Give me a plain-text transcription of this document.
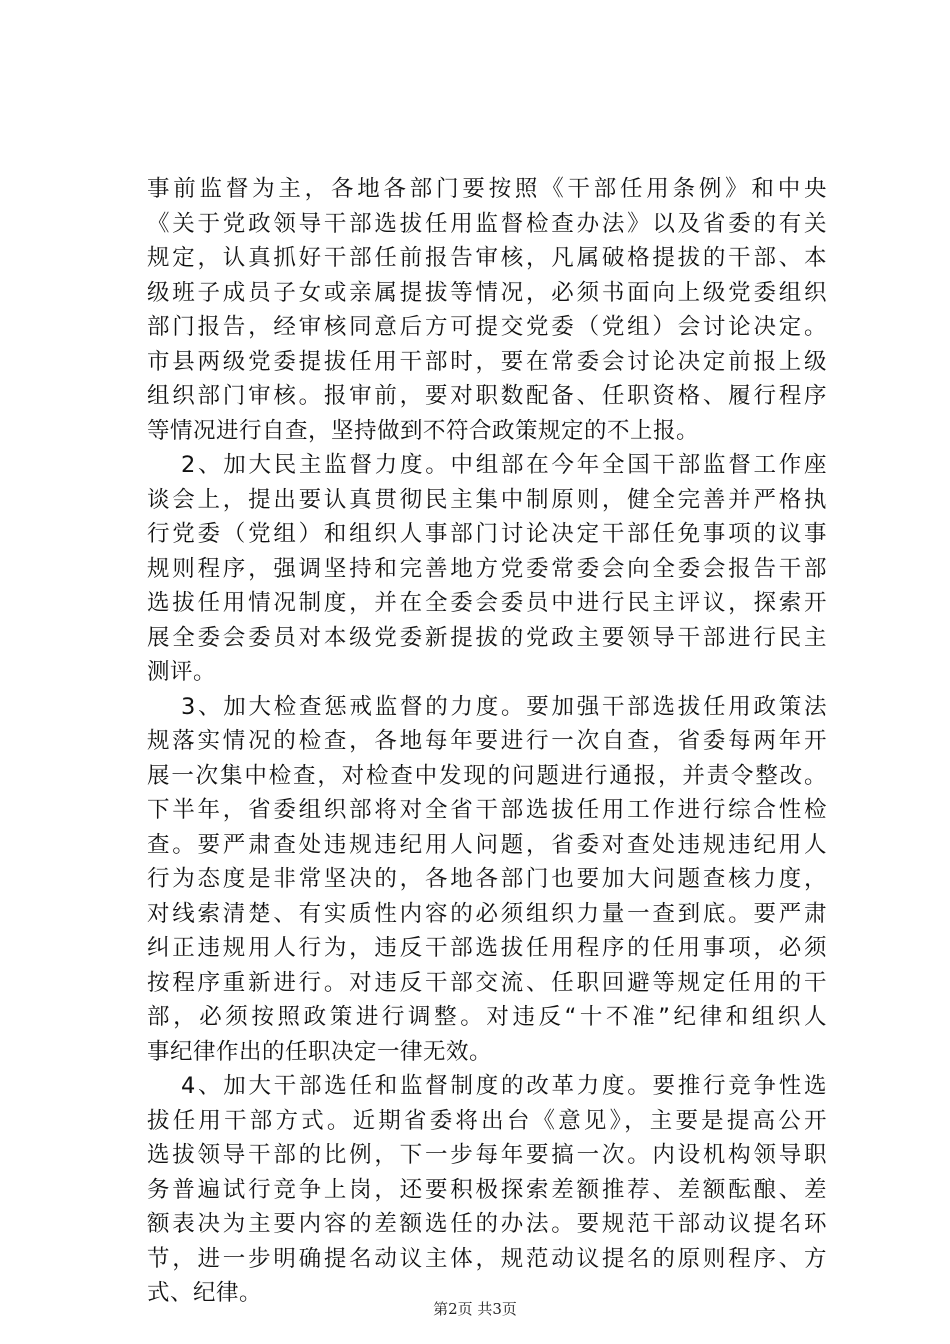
事前监督为主，各地各部门要按照《干部任用条例》和中央
《关于党政领导干部选拔任用监督检查办法》以及省委的有关
规定，认真抓好干部任前报告审核，凡属破格提拔的干部、本
级班子成员子女或亲属提拔等情况，必须书面向上级党委组织
部门报告，经审核同意后方可提交党委（党组）会讨论决定。
市县两级党委提拔任用干部时，要在常委会讨论决定前报上级
组织部门审核。报审前，要对职数配备、任职资格、履行程序
等情况进行自查，坚持做到不符合政策规定的不上报。
2、加大民主监督力度。中组部在今年全国干部监督工作座
谈会上，提出要认真贯彻民主集中制原则，健全完善并严格执
行党委（党组）和组织人事部门讨论决定干部任免事项的议事
规则程序，强调坚持和完善地方党委常委会向全委会报告干部
选拔任用情况制度，并在全委会委员中进行民主评议，探索开
展全委会委员对本级党委新提拔的党政主要领导干部进行民主
测评。
3、加大检查惩戒监督的力度。要加强干部选拔任用政策法
规落实情况的检查，各地每年要进行一次自查，省委每两年开
展一次集中检查，对检查中发现的问题进行通报，并责令整改。
下半年，省委组织部将对全省干部选拔任用工作进行综合性检
查。要严肃查处违规违纪用人问题，省委对查处违规违纪用人
行为态度是非常坚决的，各地各部门也要加大问题查核力度，
对线索清楚、有实质性内容的必须组织力量一查到底。要严肃
纠正违规用人行为，违反干部选拔任用程序的任用事项，必须
按程序重新进行。对违反干部交流、任职回避等规定任用的干
部，必须按照政策进行调整。对违反“十不准”纪律和组织人
事纪律作出的任职决定一律无效。
4、加大干部选任和监督制度的改革力度。要推行竞争性选
拔任用干部方式。近期省委将出台《意见》，主要是提高公开
选拔领导干部的比例，下一步每年要搞一次。内设机构领导职
务普遍试行竞争上岗，还要积极探索差额推荐、差额酝酿、差
额表决为主要内容的差额选任的办法。要规范干部动议提名环
节，进一步明确提名动议主体，规范动议提名的原则程序、方
式、纪律。
第2页 共3页
